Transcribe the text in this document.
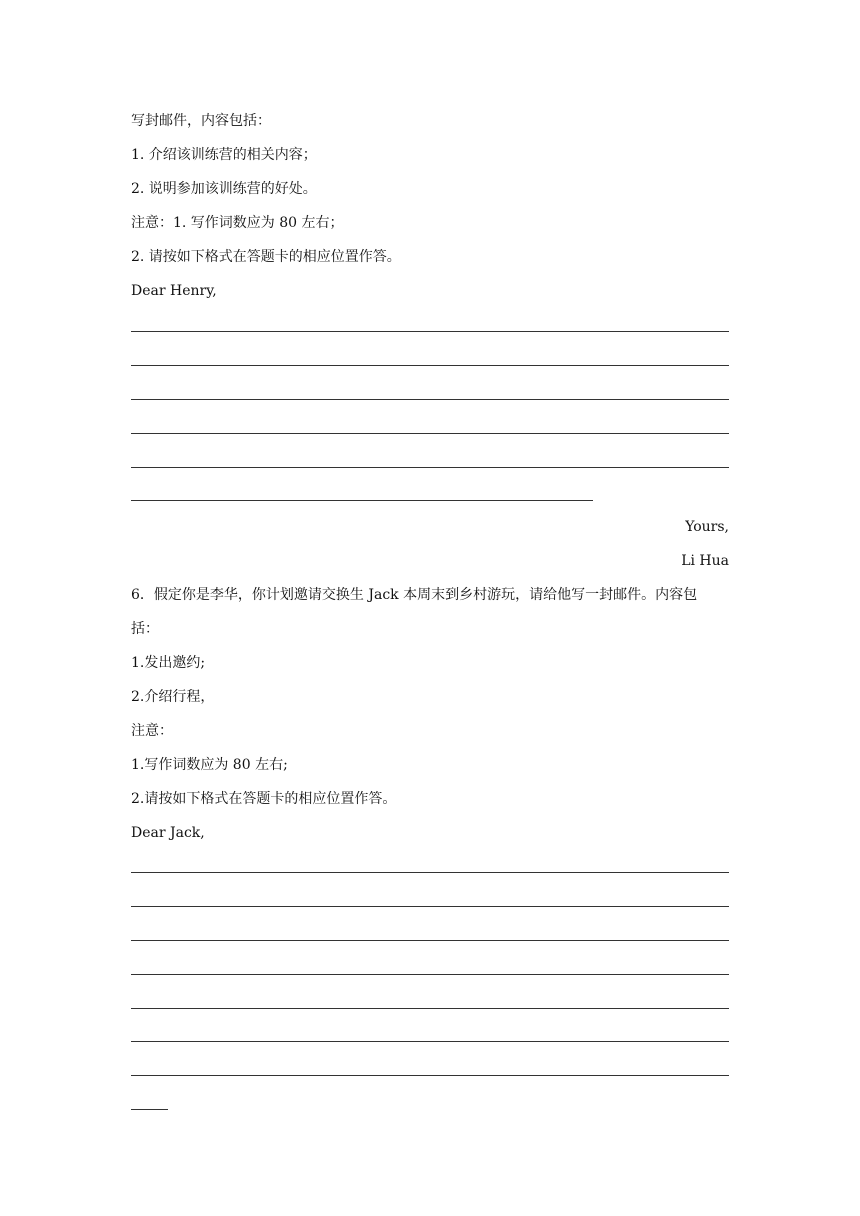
写封邮件，内容包括：
1. 介绍该训练营的相关内容；
2. 说明参加该训练营的好处。
注意：1. 写作词数应为 80 左右；
2. 请按如下格式在答题卡的相应位置作答。
Dear Henry,
Yours,
Li Hua
6．假定你是李华，你计划邀请交换生 Jack 本周末到乡村游玩，请给他写一封邮件。内容包
括：
1.发出邀约;
2.介绍行程，
注意：
1.写作词数应为 80 左右;
2.请按如下格式在答题卡的相应位置作答。
Dear Jack,
